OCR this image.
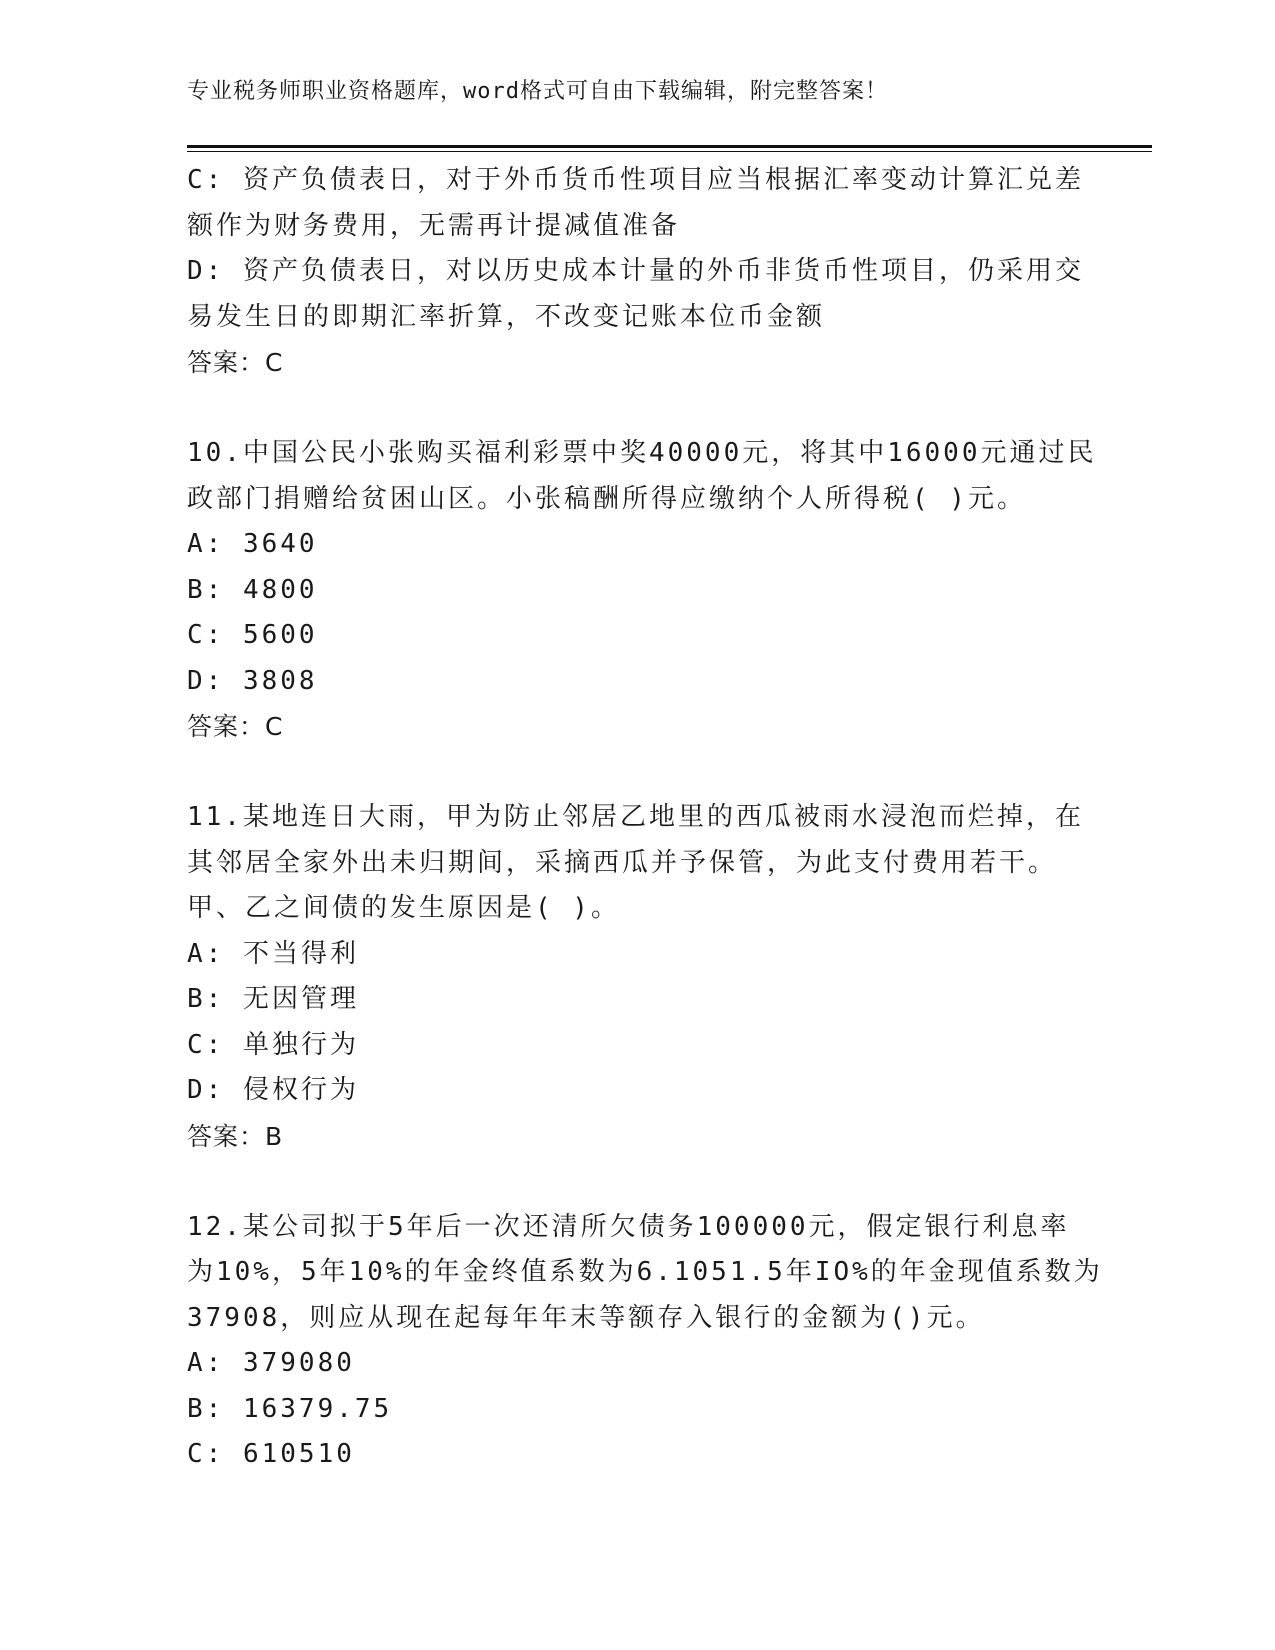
专业税务师职业资格题库，word格式可自由下载编辑，附完整答案！
C: 资产负债表日，对于外币货币性项目应当根据汇率变动计算汇兑差
额作为财务费用，无需再计提减值准备
D: 资产负债表日，对以历史成本计量的外币非货币性项目，仍采用交
易发生日的即期汇率折算，不改变记账本位币金额
答案：C
10.中国公民小张购买福利彩票中奖40000元，将其中16000元通过民
政部门捐赠给贫困山区。小张稿酬所得应缴纳个人所得税( )元。
A: 3640
B: 4800
C: 5600
D: 3808
答案：C
11.某地连日大雨，甲为防止邻居乙地里的西瓜被雨水浸泡而烂掉，在
其邻居全家外出未归期间，采摘西瓜并予保管，为此支付费用若干。
甲、乙之间债的发生原因是( )。
A: 不当得利
B: 无因管理
C: 单独行为
D: 侵权行为
答案：B
12.某公司拟于5年后一次还清所欠债务100000元，假定银行利息率
为10%，5年10%的年金终值系数为6.1051.5年IO%的年金现值系数为
37908，则应从现在起每年年末等额存入银行的金额为()元。
A: 379080
B: 16379.75
C: 610510
